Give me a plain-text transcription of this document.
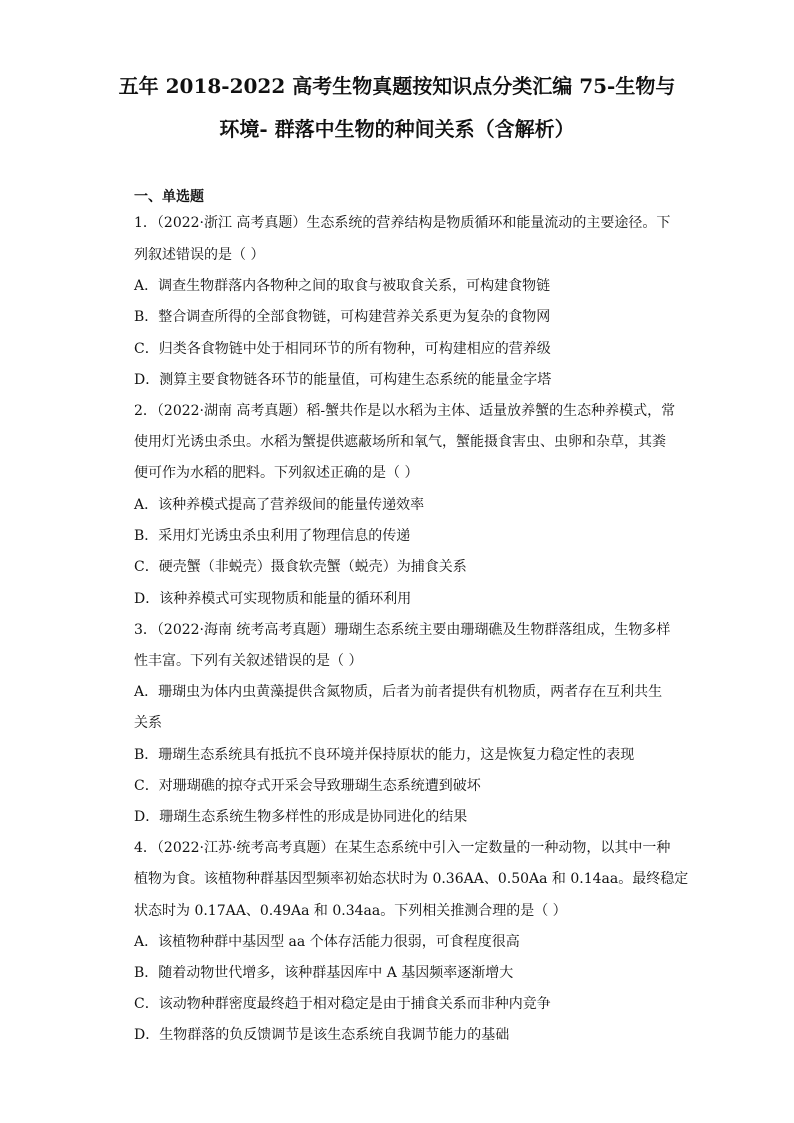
五年 2018-2022 高考生物真题按知识点分类汇编 75-生物与
环境- 群落中生物的种间关系（含解析）
一、单选题
1．（2022·浙江 高考真题）生态系统的营养结构是物质循环和能量流动的主要途径。下
列叙述错误的是（ ）
A．调查生物群落内各物种之间的取食与被取食关系，可构建食物链
B．整合调查所得的全部食物链，可构建营养关系更为复杂的食物网
C．归类各食物链中处于相同环节的所有物种，可构建相应的营养级
D．测算主要食物链各环节的能量值，可构建生态系统的能量金字塔
2．（2022·湖南 高考真题）稻-蟹共作是以水稻为主体、适量放养蟹的生态种养模式，常
使用灯光诱虫杀虫。水稻为蟹提供遮蔽场所和氧气，蟹能摄食害虫、虫卵和杂草，其粪
便可作为水稻的肥料。下列叙述正确的是（ ）
A．该种养模式提高了营养级间的能量传递效率
B．采用灯光诱虫杀虫利用了物理信息的传递
C．硬壳蟹（非蜕壳）摄食软壳蟹（蜕壳）为捕食关系
D．该种养模式可实现物质和能量的循环利用
3．（2022·海南 统考高考真题）珊瑚生态系统主要由珊瑚礁及生物群落组成，生物多样
性丰富。下列有关叙述错误的是（ ）
A．珊瑚虫为体内虫黄藻提供含氮物质，后者为前者提供有机物质，两者存在互利共生
关系
B．珊瑚生态系统具有抵抗不良环境并保持原状的能力，这是恢复力稳定性的表现
C．对珊瑚礁的掠夺式开采会导致珊瑚生态系统遭到破坏
D．珊瑚生态系统生物多样性的形成是协同进化的结果
4．（2022·江苏·统考高考真题）在某生态系统中引入一定数量的一种动物，以其中一种
植物为食。该植物种群基因型频率初始态状时为 0.36AA、0.50Aa 和 0.14aa。最终稳定
状态时为 0.17AA、0.49Aa 和 0.34aa。下列相关推测合理的是（ ）
A．该植物种群中基因型 aa 个体存活能力很弱，可食程度很高
B．随着动物世代增多，该种群基因库中 A 基因频率逐渐增大
C．该动物种群密度最终趋于相对稳定是由于捕食关系而非种内竞争
D．生物群落的负反馈调节是该生态系统自我调节能力的基础
